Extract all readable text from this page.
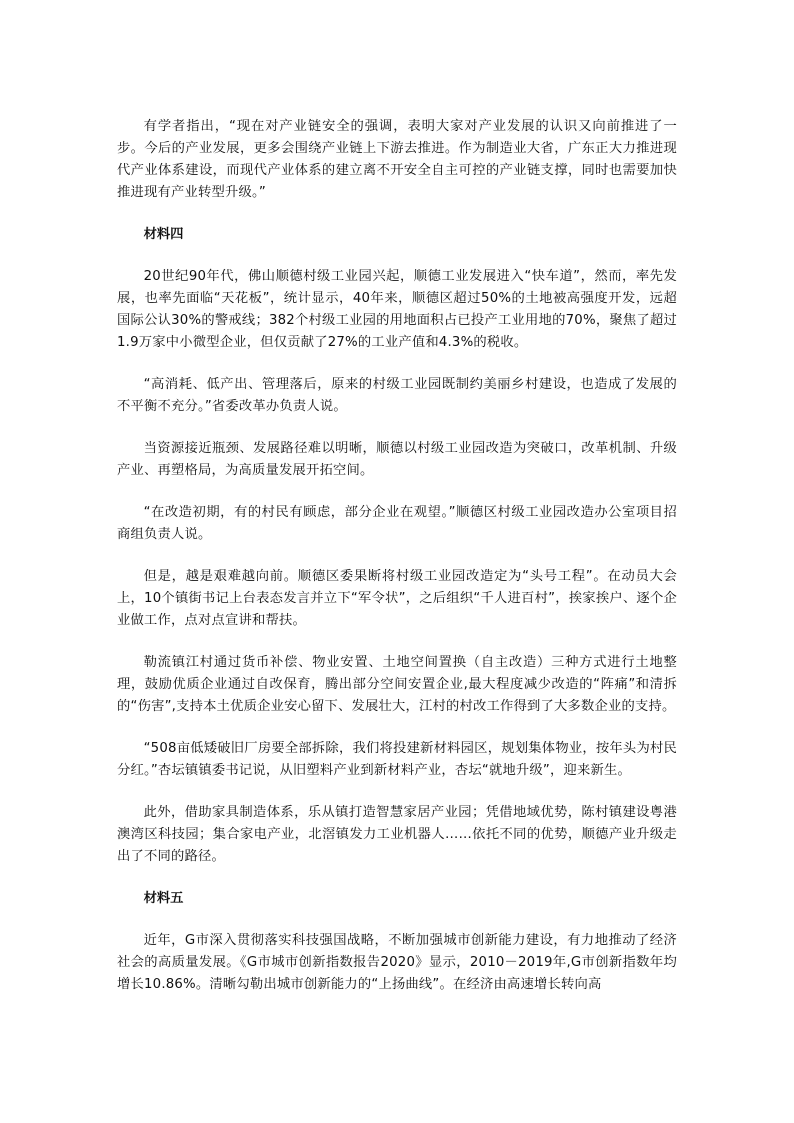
有学者指出，“现在对产业链安全的强调，表明大家对产业发展的认识又向前推进了一步。今后的产业发展，更多会围绕产业链上下游去推进。作为制造业大省，广东正大力推进现代产业体系建设，而现代产业体系的建立离不开安全自主可控的产业链支撑，同时也需要加快推进现有产业转型升级。”

材料四

20世纪90年代，佛山顺德村级工业园兴起，顺德工业发展进入“快车道”，然而，率先发展，也率先面临“天花板”，统计显示，40年来，顺德区超过50%的土地被高强度开发，远超国际公认30%的警戒线；382个村级工业园的用地面积占已投产工业用地的70%，聚焦了超过1.9万家中小微型企业，但仅贡献了27%的工业产值和4.3%的税收。

“高消耗、低产出、管理落后，原来的村级工业园既制约美丽乡村建设，也造成了发展的不平衡不充分。”省委改革办负责人说。

当资源接近瓶颈、发展路径难以明晰，顺德以村级工业园改造为突破口，改革机制、升级产业、再塑格局，为高质量发展开拓空间。

“在改造初期，有的村民有顾虑，部分企业在观望。”顺德区村级工业园改造办公室项目招商组负责人说。

但是，越是艰难越向前。顺德区委果断将村级工业园改造定为“头号工程”。在动员大会上，10个镇街书记上台表态发言并立下“军令状”，之后组织“千人进百村”，挨家挨户、逐个企业做工作，点对点宣讲和帮扶。

勒流镇江村通过货币补偿、物业安置、土地空间置换（自主改造）三种方式进行土地整理，鼓励优质企业通过自改保育，腾出部分空间安置企业,最大程度减少改造的“阵痛”和清拆的“伤害”,支持本土优质企业安心留下、发展壮大，江村的村改工作得到了大多数企业的支持。

“508亩低矮破旧厂房要全部拆除，我们将投建新材料园区，规划集体物业，按年头为村民分红。”杏坛镇镇委书记说，从旧塑料产业到新材料产业，杏坛“就地升级”，迎来新生。

此外，借助家具制造体系，乐从镇打造智慧家居产业园；凭借地域优势，陈村镇建设粤港澳湾区科技园；集合家电产业，北滘镇发力工业机器人……依托不同的优势，顺德产业升级走出了不同的路径。

材料五

近年，G市深入贯彻落实科技强国战略，不断加强城市创新能力建设，有力地推动了经济社会的高质量发展。《G市城市创新指数报告2020》显示，2010－2019年,G市创新指数年均增长10.86%。清晰勾勒出城市创新能力的“上扬曲线”。在经济由高速增长转向高
